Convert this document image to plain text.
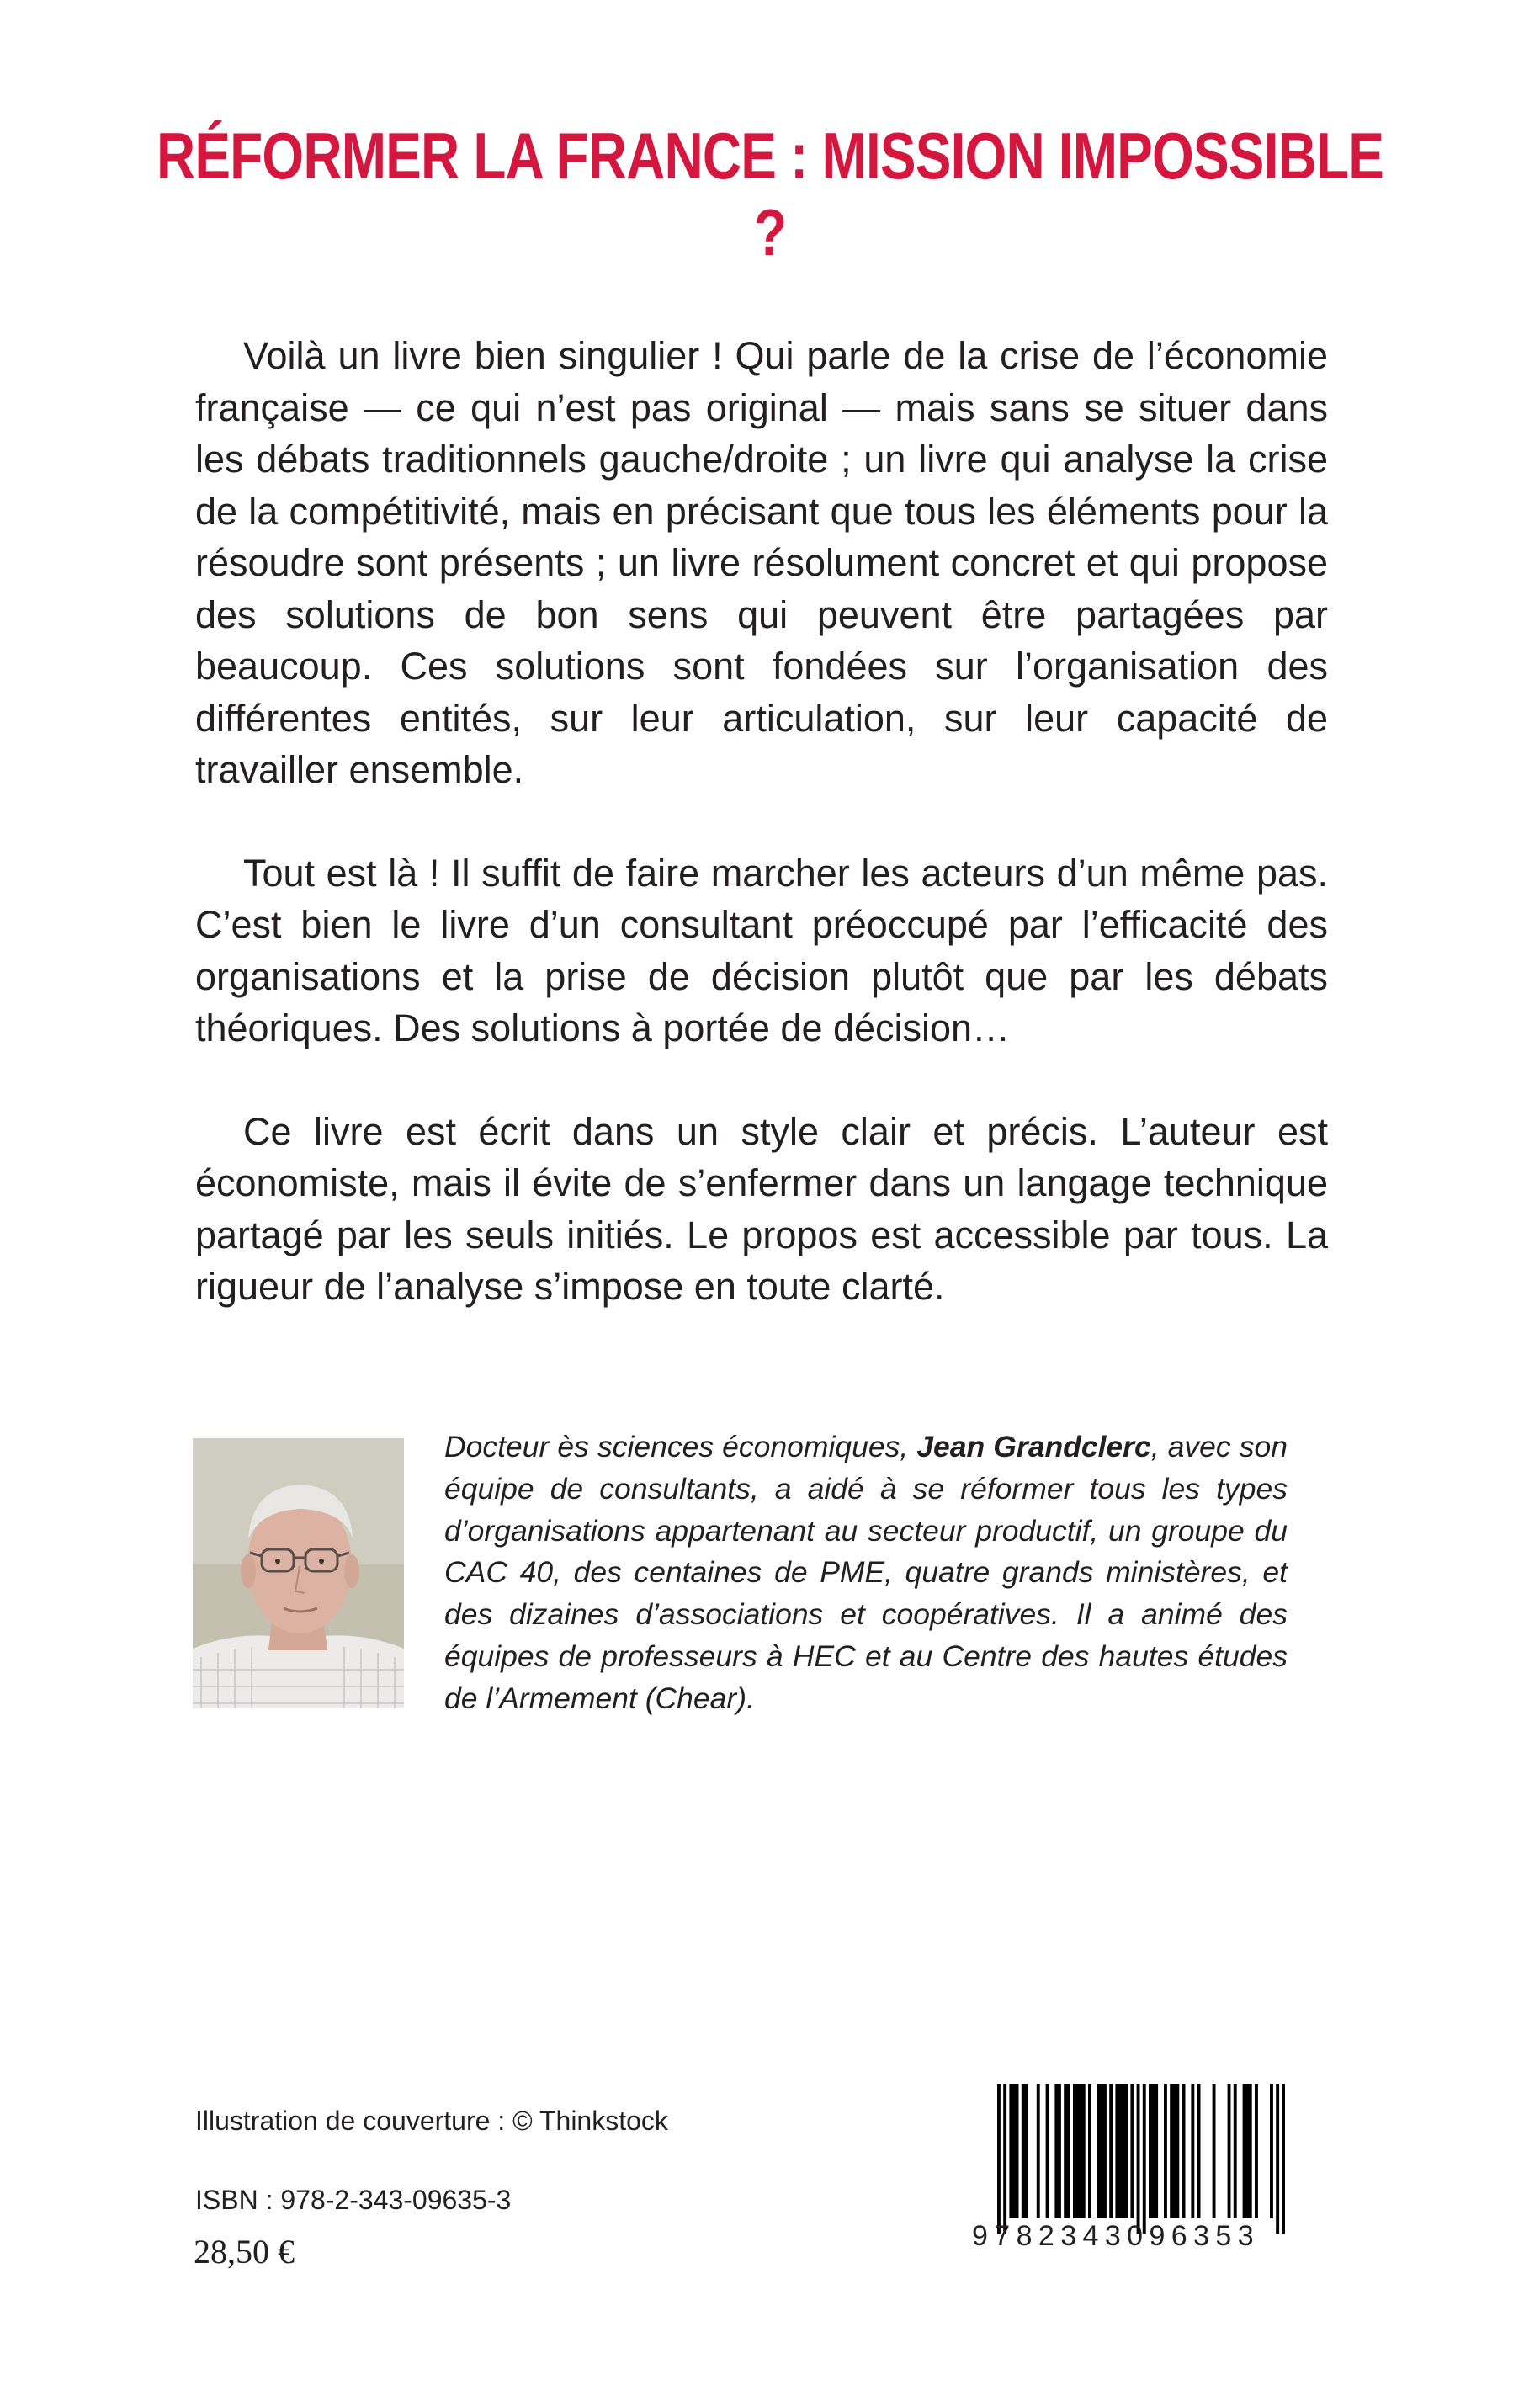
RÉFORMER LA FRANCE : MISSION IMPOSSIBLE ?

Voilà un livre bien singulier ! Qui parle de la crise de l’économie française — ce qui n’est pas original — mais sans se situer dans les débats traditionnels gauche/droite ; un livre qui analyse la crise de la compétitivité, mais en précisant que tous les éléments pour la résoudre sont présents ; un livre résolument concret et qui propose des solutions de bon sens qui peuvent être partagées par beaucoup. Ces solutions sont fondées sur l’organisation des différentes entités, sur leur articulation, sur leur capacité de travailler ensemble.

Tout est là ! Il suffit de faire marcher les acteurs d’un même pas. C’est bien le livre d’un consultant préoccupé par l’efficacité des organisations et la prise de décision plutôt que par les débats théoriques. Des solutions à portée de décision…

Ce livre est écrit dans un style clair et précis. L’auteur est économiste, mais il évite de s’enfermer dans un langage technique partagé par les seuls initiés. Le propos est accessible par tous. La rigueur de l’analyse s’impose en toute clarté.

Docteur ès sciences économiques, Jean Grandclerc, avec son équipe de consultants, a aidé à se réformer tous les types d’organisations appartenant au secteur productif, un groupe du CAC 40, des centaines de PME, quatre grands ministères, et des dizaines d’associations et coopératives. Il a animé des équipes de professeurs à HEC et au Centre des hautes études de l’Armement (Chear).
Illustration de couverture : © Thinkstock
ISBN : 978-2-343-09635-3
28,50 €	9782343096353
